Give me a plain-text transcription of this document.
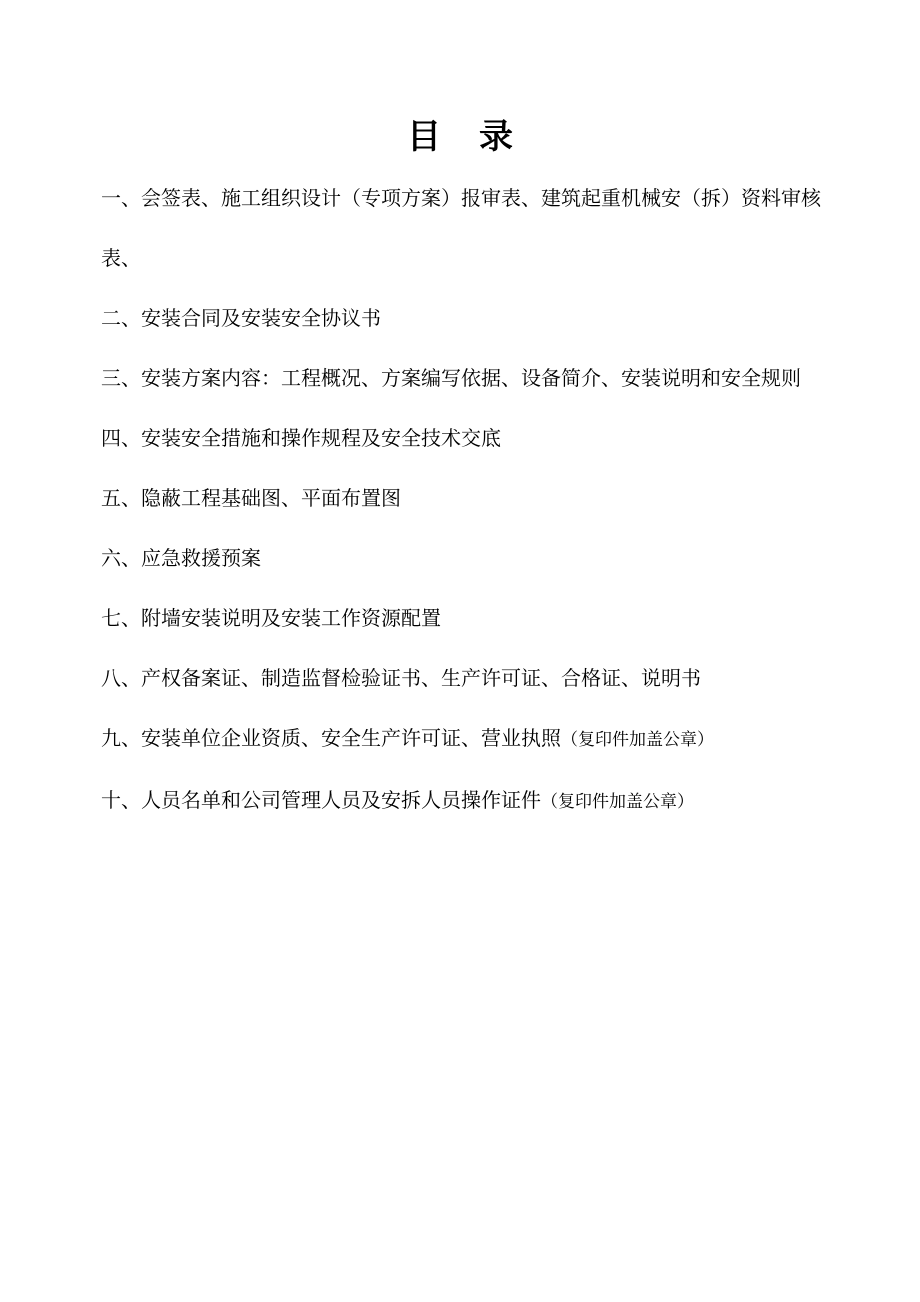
目 录
一、会签表、施工组织设计（专项方案）报审表、建筑起重机械安（拆）资料审核表、
二、安装合同及安装安全协议书
三、安装方案内容：工程概况、方案编写依据、设备简介、安装说明和安全规则
四、安装安全措施和操作规程及安全技术交底
五、隐蔽工程基础图、平面布置图
六、应急救援预案
七、附墙安装说明及安装工作资源配置
八、产权备案证、制造监督检验证书、生产许可证、合格证、说明书
九、安装单位企业资质、安全生产许可证、营业执照（复印件加盖公章）
十、人员名单和公司管理人员及安拆人员操作证件（复印件加盖公章）
